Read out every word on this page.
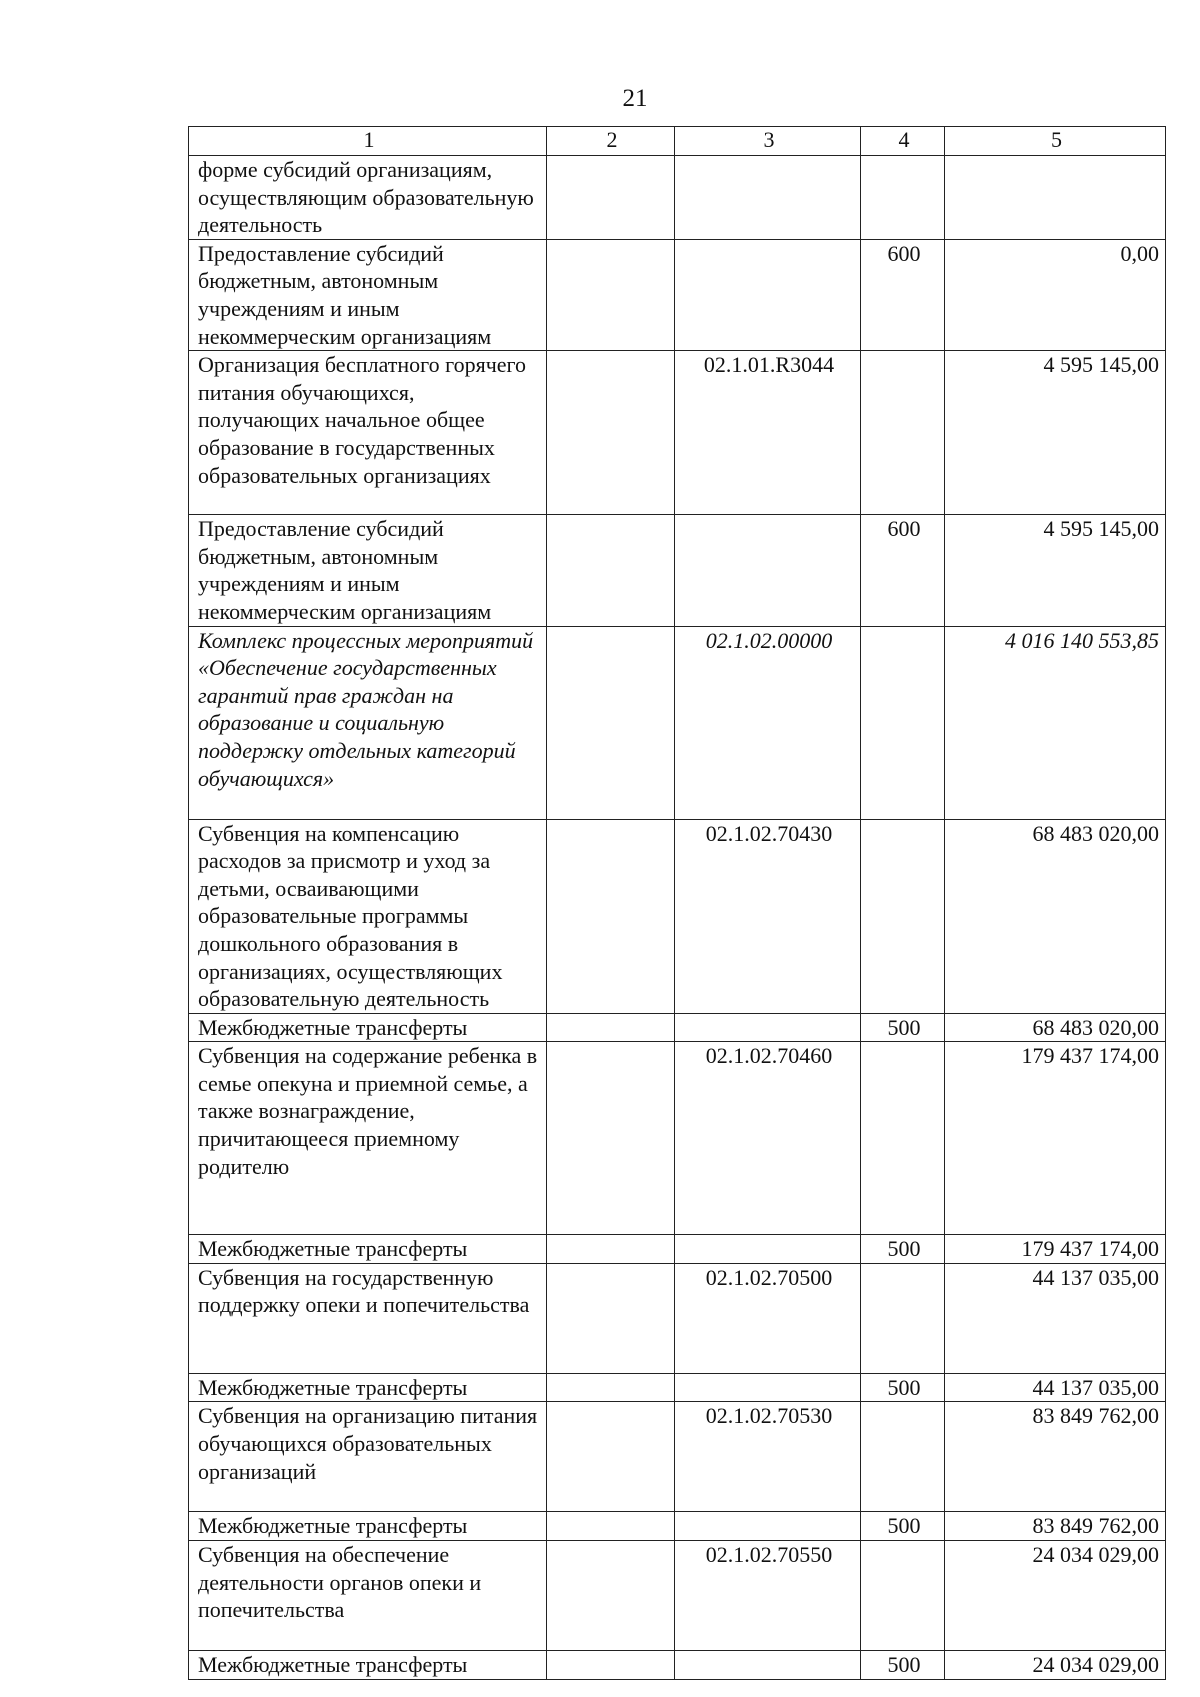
21
1	2	3	4	5
форме субсидий организациям, осуществляющим образовательную деятельность				
Предоставление субсидий бюджетным, автономным учреждениям и иным некоммерческим организациям			600	0,00
Организация бесплатного горячего питания обучающихся, получающих начальное общее образование в государственных образовательных организациях		02.1.01.R3044		4 595 145,00
Предоставление субсидий бюджетным, автономным учреждениям и иным некоммерческим организациям			600	4 595 145,00
Комплекс процессных мероприятий «Обеспечение государственных гарантий прав граждан на образование и социальную поддержку отдельных категорий обучающихся»		02.1.02.00000		4 016 140 553,85
Субвенция на компенсацию расходов за присмотр и уход за детьми, осваивающими образовательные программы дошкольного образования в организациях, осуществляющих образовательную деятельность		02.1.02.70430		68 483 020,00
Межбюджетные трансферты			500	68 483 020,00
Субвенция на содержание ребенка в семье опекуна и приемной семье, а также вознаграждение, причитающееся приемному родителю		02.1.02.70460		179 437 174,00
Межбюджетные трансферты			500	179 437 174,00
Субвенция на государственную поддержку опеки и попечительства		02.1.02.70500		44 137 035,00
Межбюджетные трансферты			500	44 137 035,00
Субвенция на организацию питания обучающихся образовательных организаций		02.1.02.70530		83 849 762,00
Межбюджетные трансферты			500	83 849 762,00
Субвенция на обеспечение деятельности органов опеки и попечительства		02.1.02.70550		24 034 029,00
Межбюджетные трансферты			500	24 034 029,00
